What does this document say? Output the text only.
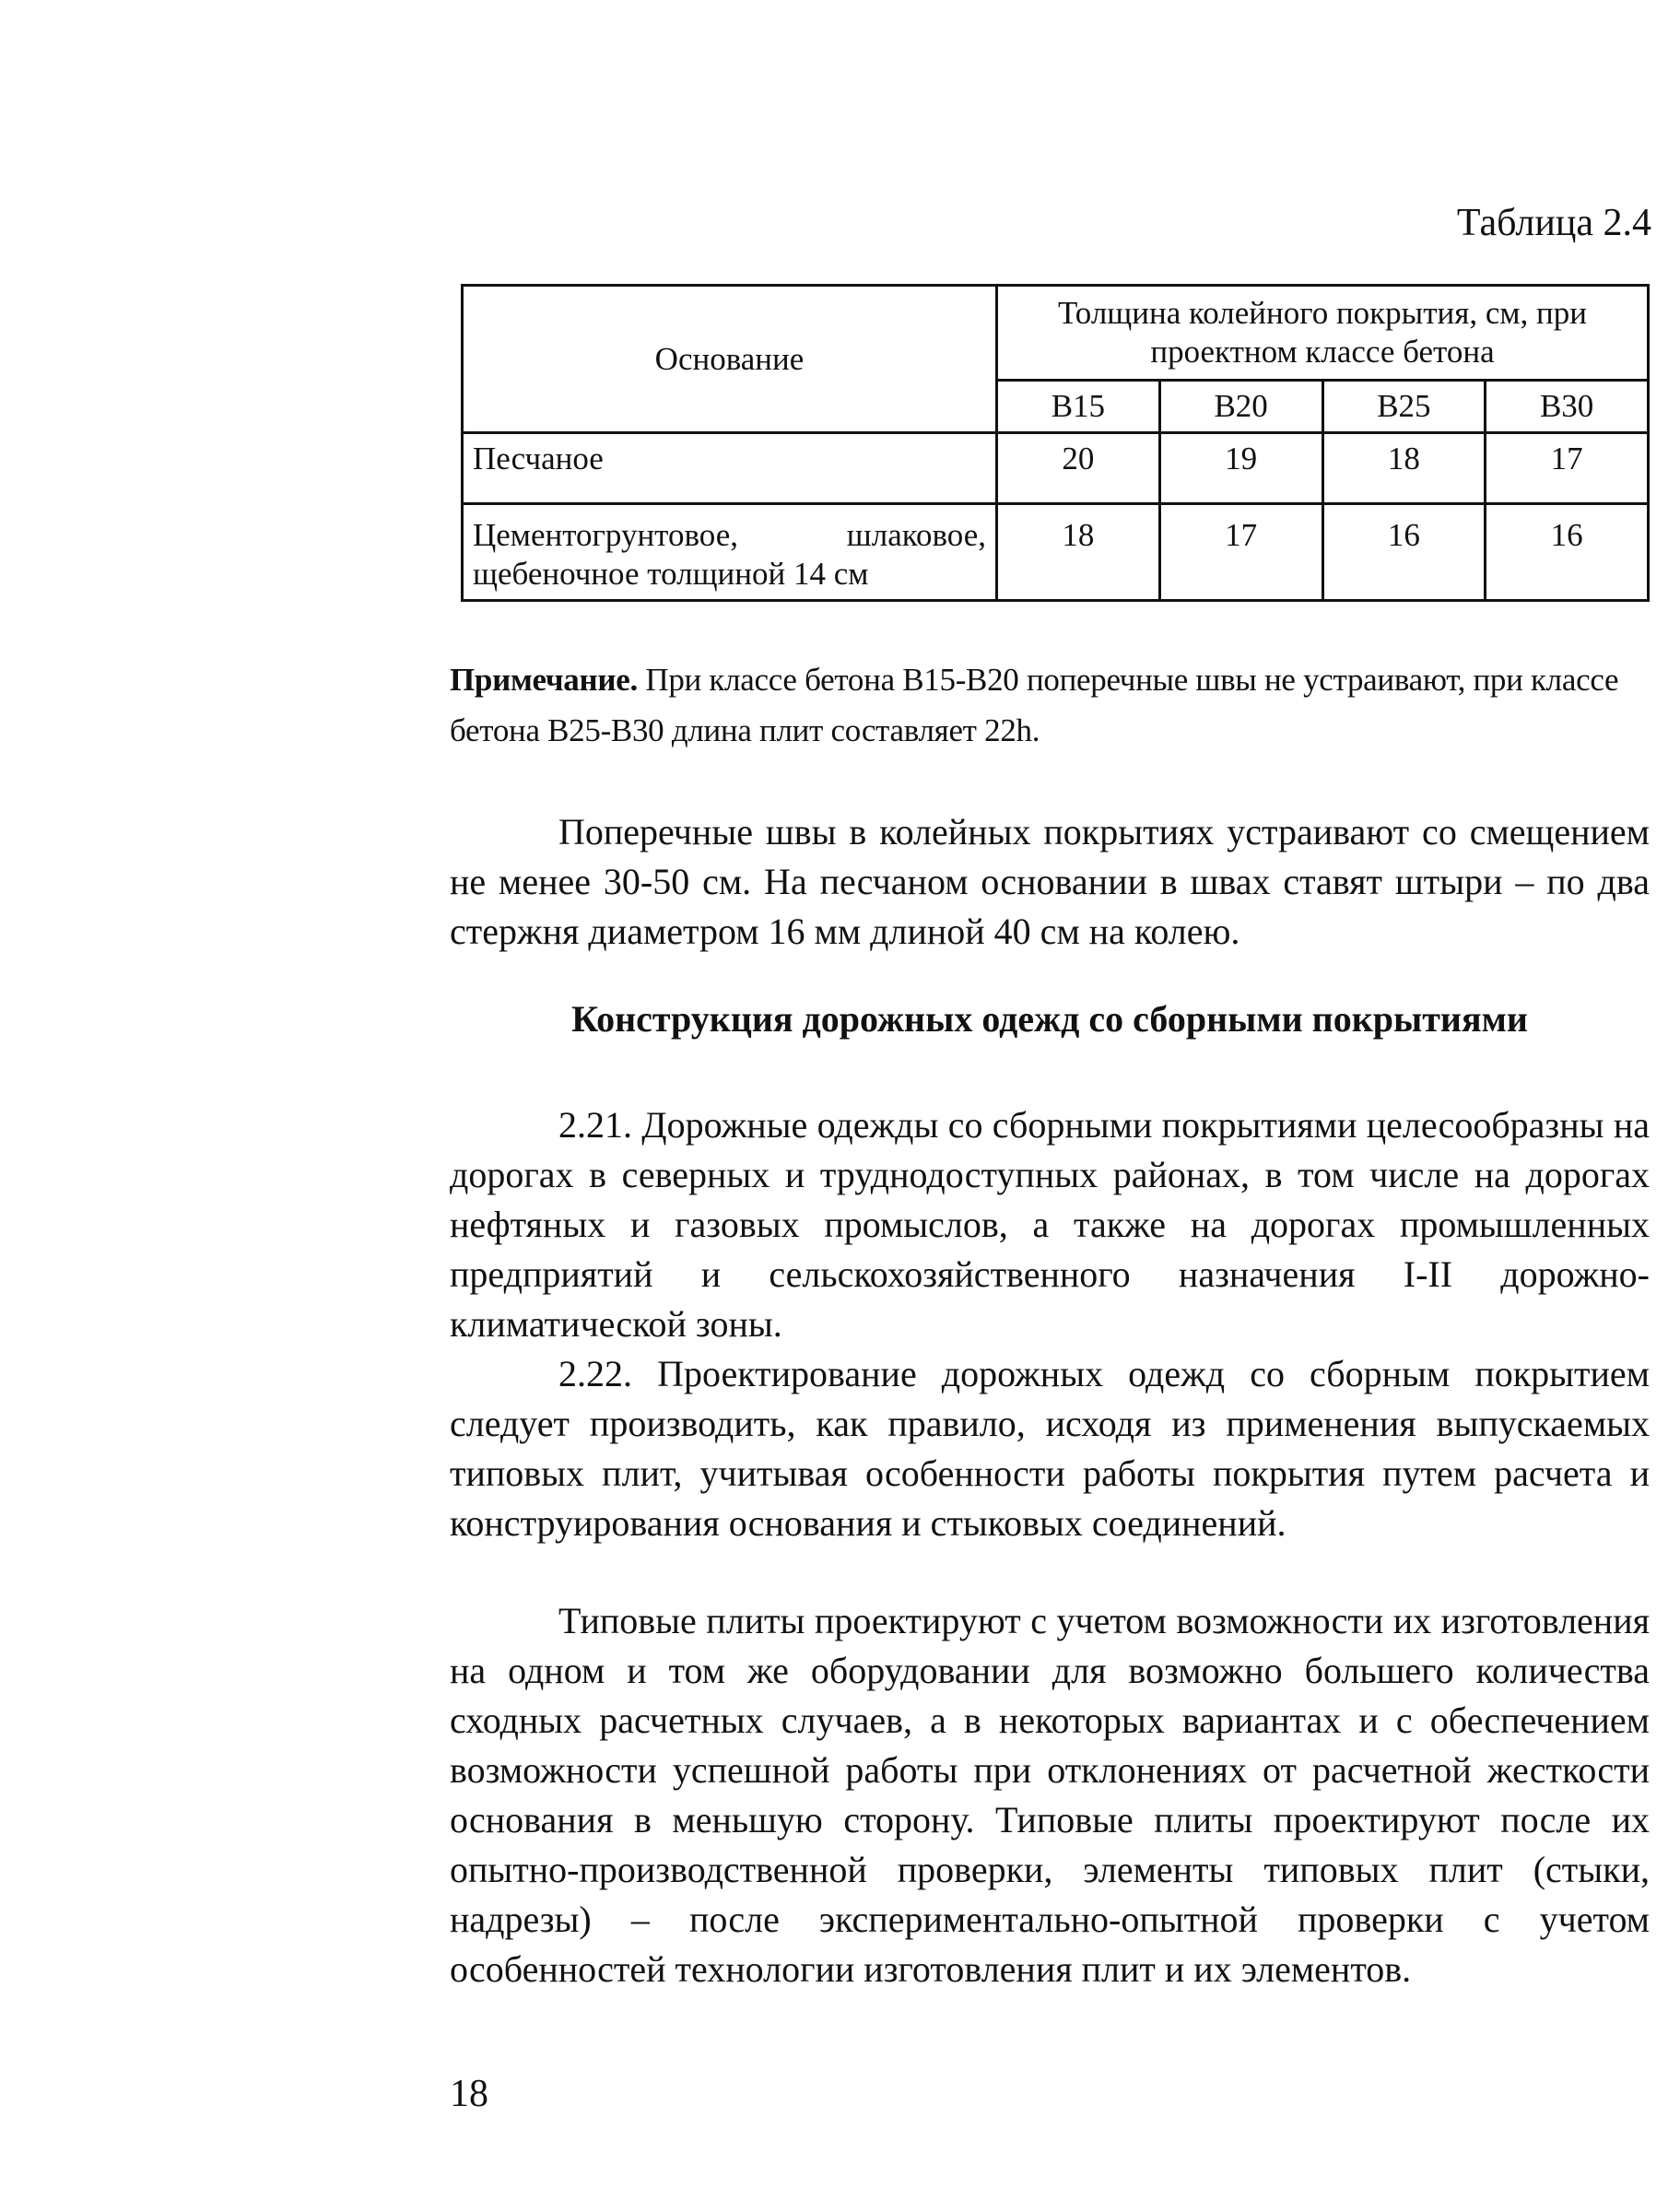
Таблица 2.4
Основание	Толщина колейного покрытия, см, при проектном классе бетона			
	В15	В20	В25	В30
Песчаное	20	19	18	17
Цементогрунтовое, шлаковое, щебеночное толщиной 14 см	18	17	16	16
Примечание. При классе бетона В15-В20 поперечные швы не устраивают, при классе бетона В25-В30 длина плит составляет 22h.
Поперечные швы в колейных покрытиях устраивают со смещением не менее 30-50 см. На песчаном основании в швах ставят штыри – по два стержня диаметром 16 мм длиной 40 см на колею.
Конструкция дорожных одежд со сборными покрытиями
2.21. Дорожные одежды со сборными покрытиями целесообразны на дорогах в северных и труднодоступных районах, в том числе на дорогах нефтяных и газовых промыслов, а также на дорогах промышленных предприятий и сельскохозяйственного назначения I-II дорожно-климатической зоны.
2.22. Проектирование дорожных одежд со сборным покрытием следует производить, как правило, исходя из применения выпускаемых типовых плит, учитывая особенности работы покрытия путем расчета и конструирования основания и стыковых соединений.
Типовые плиты проектируют с учетом возможности их изготовления на одном и том же оборудовании для возможно большего количества сходных расчетных случаев, а в некоторых вариантах и с обеспечением возможности успешной работы при отклонениях от расчетной жесткости основания в меньшую сторону. Типовые плиты проектируют после их опытно-производственной проверки, элементы типовых плит (стыки, надрезы) – после экспериментально-опытной проверки с учетом особенностей технологии изготовления плит и их элементов.
18
